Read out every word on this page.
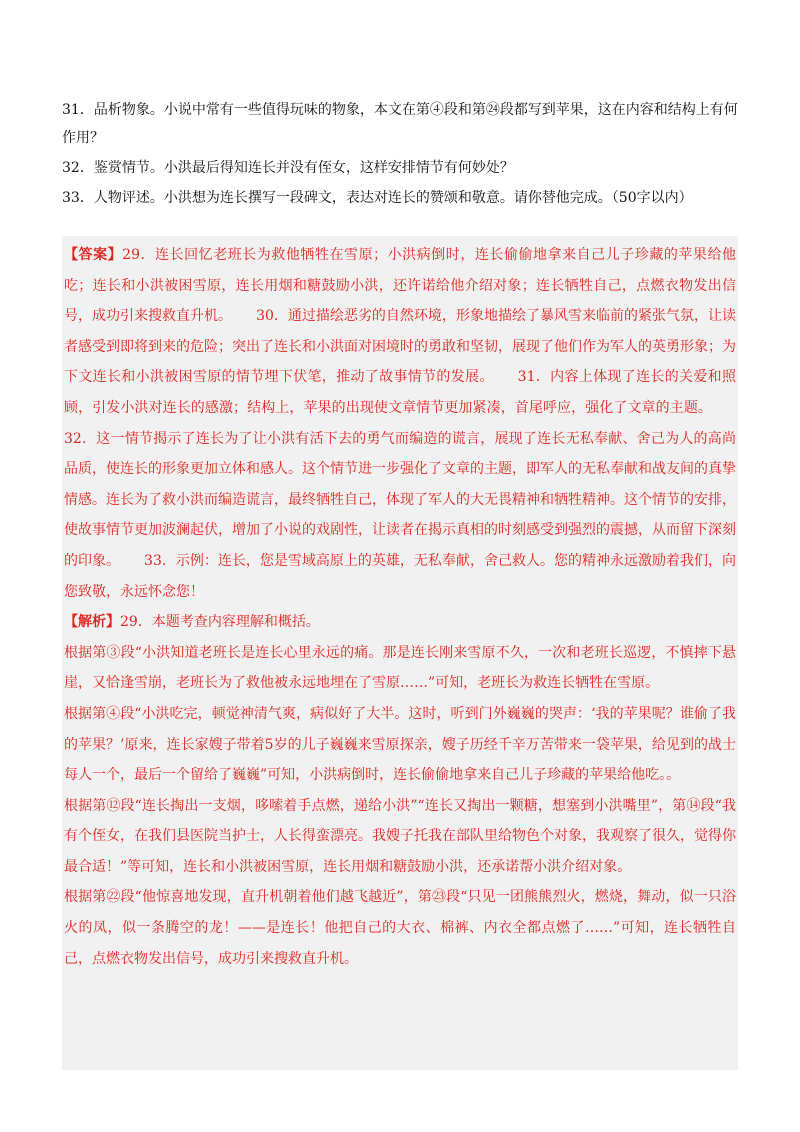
31．品析物象。小说中常有一些值得玩味的物象，本文在第④段和第㉔段都写到苹果，这在内容和结构上有何作用？

32．鉴赏情节。小洪最后得知连长并没有侄女，这样安排情节有何妙处？

33．人物评述。小洪想为连长撰写一段碑文，表达对连长的赞颂和敬意。请你替他完成。（50字以内）

【答案】29．连长回忆老班长为救他牺牲在雪原；小洪病倒时，连长偷偷地拿来自己儿子珍藏的苹果给他吃；连长和小洪被困雪原，连长用烟和糖鼓励小洪，还许诺给他介绍对象；连长牺牲自己，点燃衣物发出信号，成功引来搜救直升机。 30．通过描绘恶劣的自然环境，形象地描绘了暴风雪来临前的紧张气氛，让读者感受到即将到来的危险；突出了连长和小洪面对困境时的勇敢和坚韧，展现了他们作为军人的英勇形象；为下文连长和小洪被困雪原的情节埋下伏笔，推动了故事情节的发展。 31．内容上体现了连长的关爱和照顾，引发小洪对连长的感激；结构上，苹果的出现使文章情节更加紧凑，首尾呼应，强化了文章的主题。32．这一情节揭示了连长为了让小洪有活下去的勇气而编造的谎言，展现了连长无私奉献、舍己为人的高尚品质，使连长的形象更加立体和感人。这个情节进一步强化了文章的主题，即军人的无私奉献和战友间的真挚情感。连长为了救小洪而编造谎言，最终牺牲自己，体现了军人的大无畏精神和牺牲精神。这个情节的安排，使故事情节更加波澜起伏，增加了小说的戏剧性，让读者在揭示真相的时刻感受到强烈的震撼，从而留下深刻的印象。 33．示例：连长，您是雪域高原上的英雄，无私奉献，舍己救人。您的精神永远激励着我们，向您致敬，永远怀念您！

【解析】29．本题考查内容理解和概括。

根据第③段“小洪知道老班长是连长心里永远的痛。那是连长刚来雪原不久，一次和老班长巡逻，不慎摔下悬崖，又恰逢雪崩，老班长为了救他被永远地埋在了雪原……”可知，老班长为救连长牺牲在雪原。

根据第④段“小洪吃完，顿觉神清气爽，病似好了大半。这时，听到门外巍巍的哭声：‘我的苹果呢？谁偷了我的苹果？’原来，连长家嫂子带着5岁的儿子巍巍来雪原探亲，嫂子历经千辛万苦带来一袋苹果，给见到的战士每人一个，最后一个留给了巍巍”可知，小洪病倒时，连长偷偷地拿来自己儿子珍藏的苹果给他吃。。

根据第⑫段“连长掏出一支烟，哆嗦着手点燃，递给小洪”“连长又掏出一颗糖，想塞到小洪嘴里”，第⑭段“我有个侄女，在我们县医院当护士，人长得蛮漂亮。我嫂子托我在部队里给物色个对象，我观察了很久，觉得你最合适！”等可知，连长和小洪被困雪原，连长用烟和糖鼓励小洪，还承诺帮小洪介绍对象。

根据第㉒段“他惊喜地发现，直升机朝着他们越飞越近”，第㉓段“只见一团熊熊烈火，燃烧，舞动，似一只浴火的凤，似一条腾空的龙！——是连长！他把自己的大衣、棉裤、内衣全都点燃了……”可知，连长牺牲自己，点燃衣物发出信号，成功引来搜救直升机。
